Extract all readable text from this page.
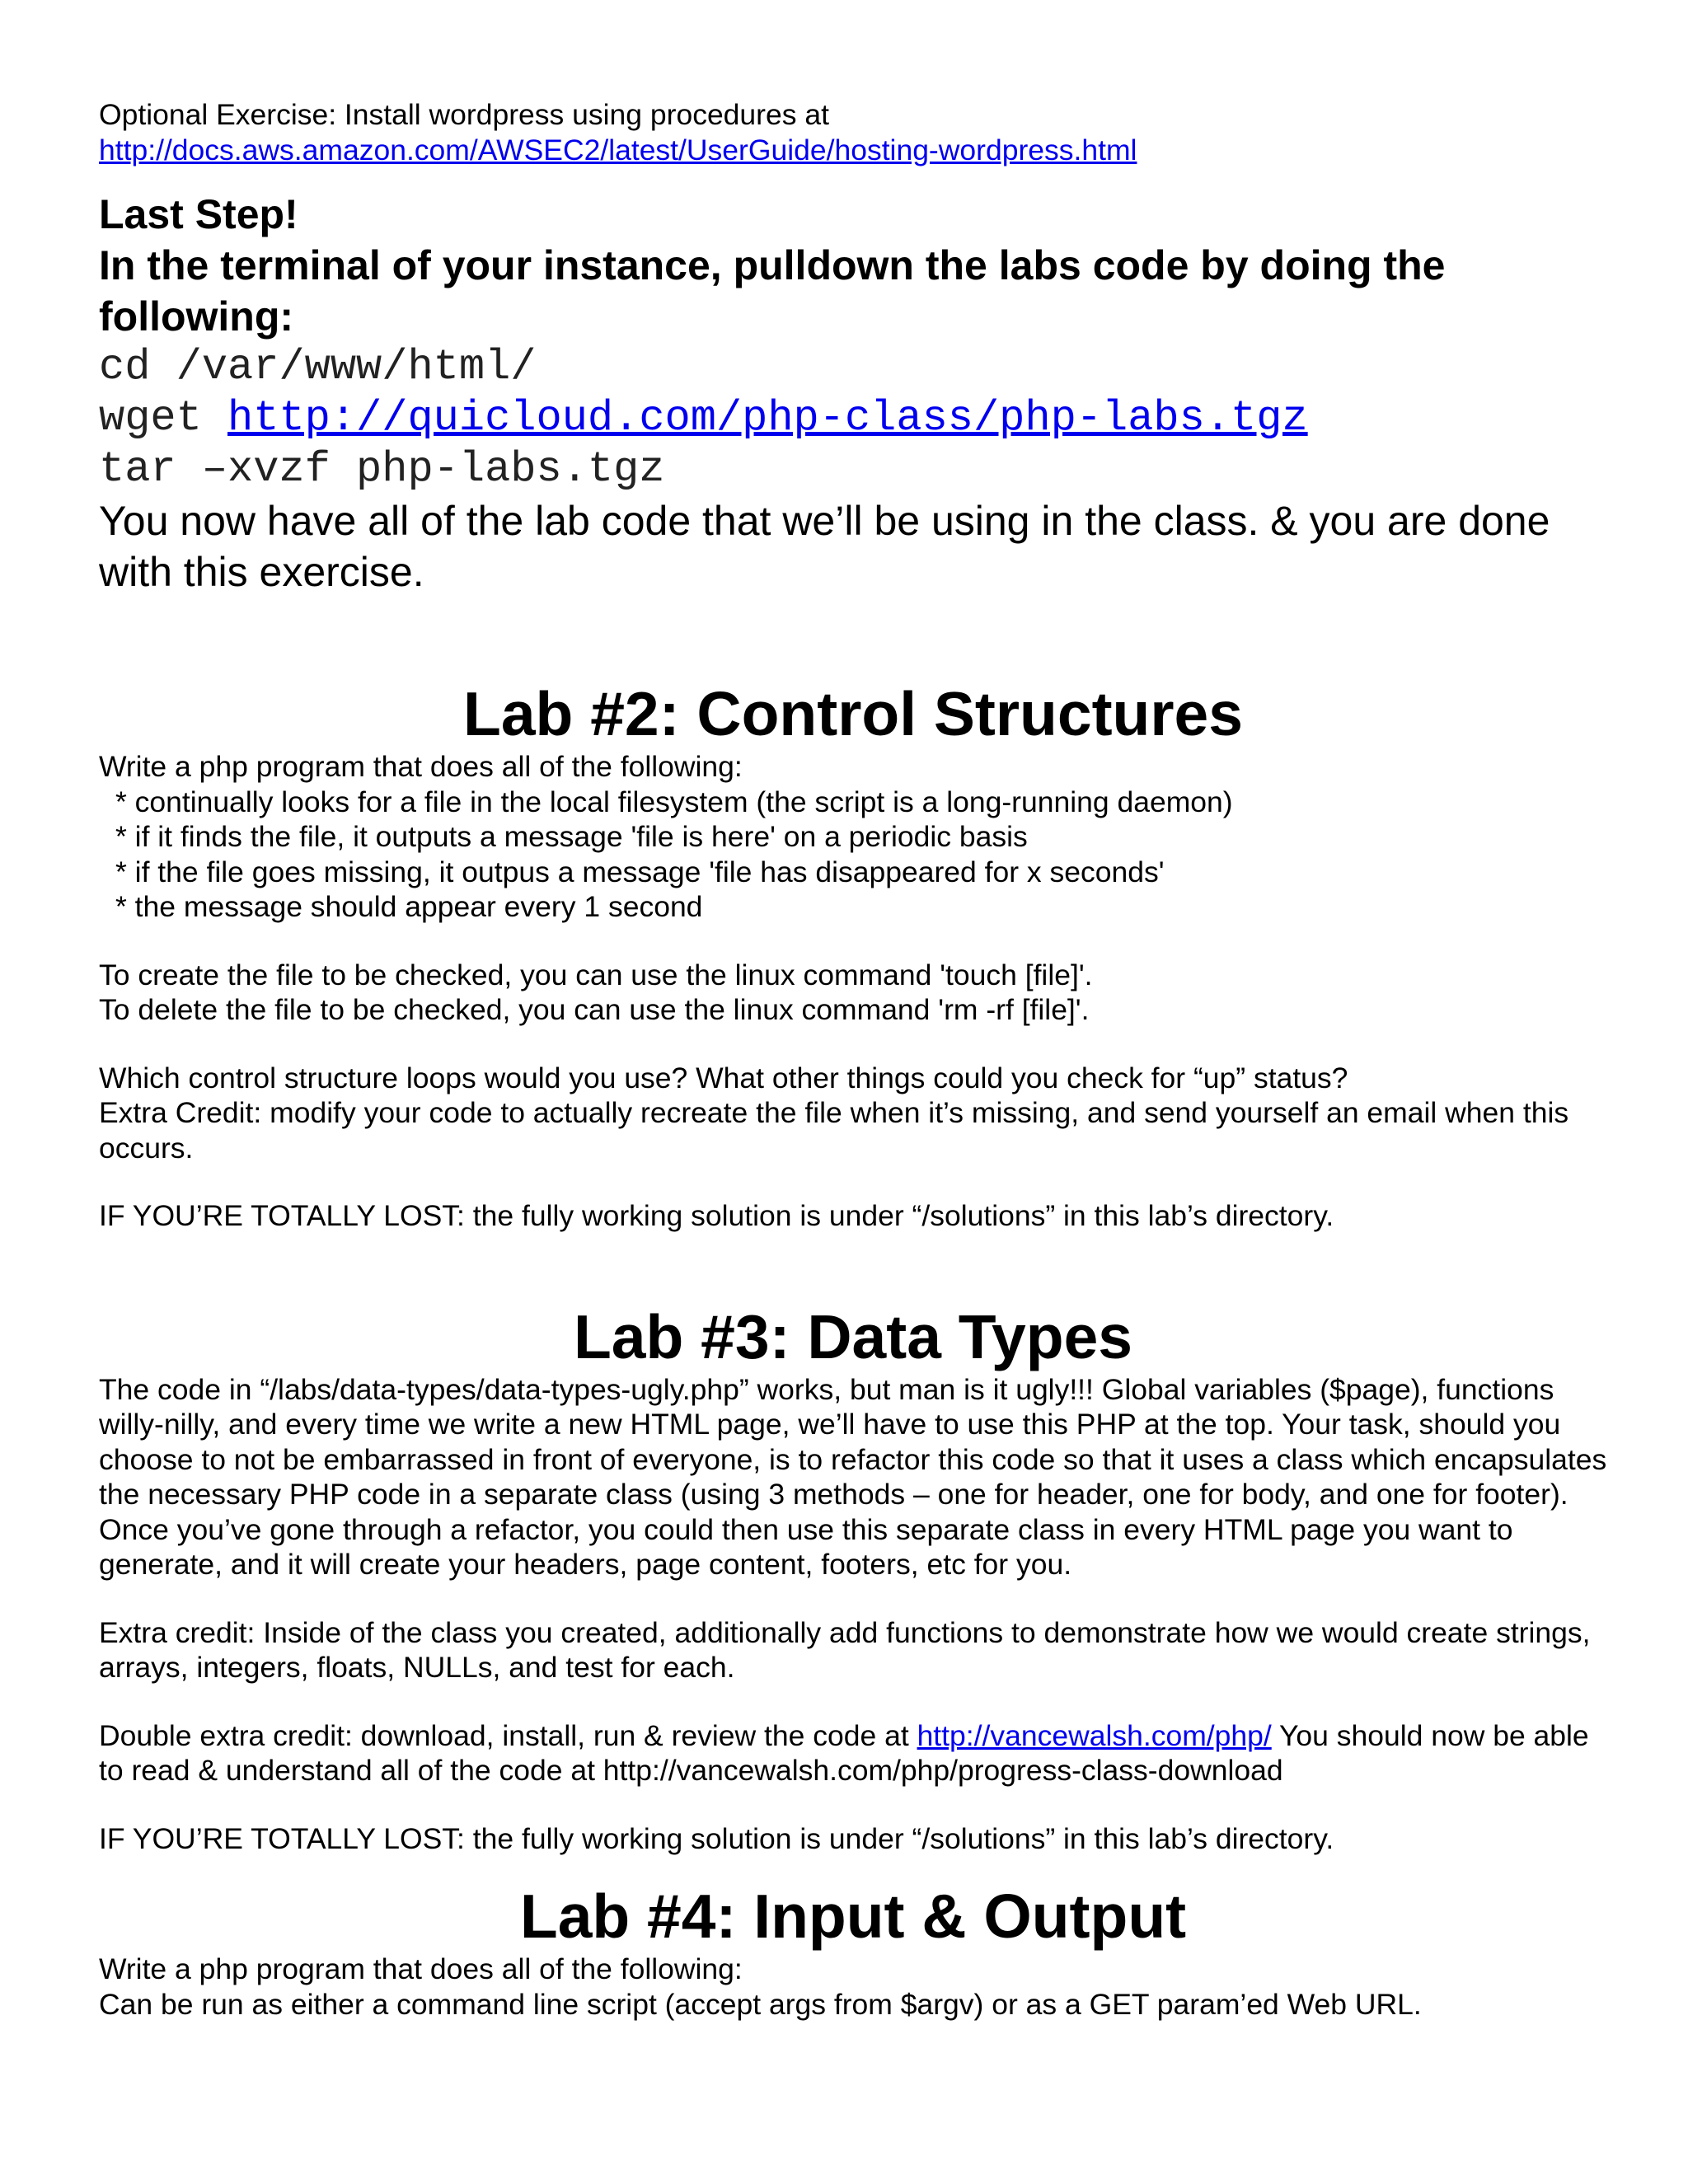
Optional Exercise: Install wordpress using procedures at

http://docs.aws.amazon.com/AWSEC2/latest/UserGuide/hosting-wordpress.html

Last Step!

In the terminal of your instance, pulldown the labs code by doing the following:

cd /var/www/html/

wget http://quicloud.com/php-class/php-labs.tgz

tar –xvzf php-labs.tgz

You now have all of the lab code that we’ll be using in the class. & you are done with this exercise.

Lab #2: Control Structures

Write a php program that does all of the following:

* continually looks for a file in the local filesystem (the script is a long-running daemon)

* if it finds the file, it outputs a message 'file is here' on a periodic basis

* if the file goes missing, it outpus a message 'file has disappeared for x seconds'

* the message should appear every 1 second

To create the file to be checked, you can use the linux command 'touch [file]'.

To delete the file to be checked, you can use the linux command 'rm -rf [file]'.

Which control structure loops would you use? What other things could you check for “up” status?

Extra Credit: modify your code to actually recreate the file when it’s missing, and send yourself an email when this occurs.

IF YOU’RE TOTALLY LOST: the fully working solution is under “/solutions” in this lab’s directory.

Lab #3: Data Types

The code in “/labs/data-types/data-types-ugly.php” works, but man is it ugly!!! Global variables ($page), functions willy-nilly, and every time we write a new HTML page, we’ll have to use this PHP at the top. Your task, should you choose to not be embarrassed in front of everyone, is to refactor this code so that it uses a class which encapsulates the necessary PHP code in a separate class (using 3 methods – one for header, one for body, and one for footer). Once you’ve gone through a refactor, you could then use this separate class in every HTML page you want to generate, and it will create your headers, page content, footers, etc for you.

Extra credit: Inside of the class you created, additionally add functions to demonstrate how we would create strings, arrays, integers, floats, NULLs, and test for each.

Double extra credit: download, install, run & review the code at http://vancewalsh.com/php/ You should now be able to read & understand all of the code at http://vancewalsh.com/php/progress-class-download

IF YOU’RE TOTALLY LOST: the fully working solution is under “/solutions” in this lab’s directory.

Lab #4: Input & Output

Write a php program that does all of the following:

Can be run as either a command line script (accept args from $argv) or as a GET param’ed Web URL.
